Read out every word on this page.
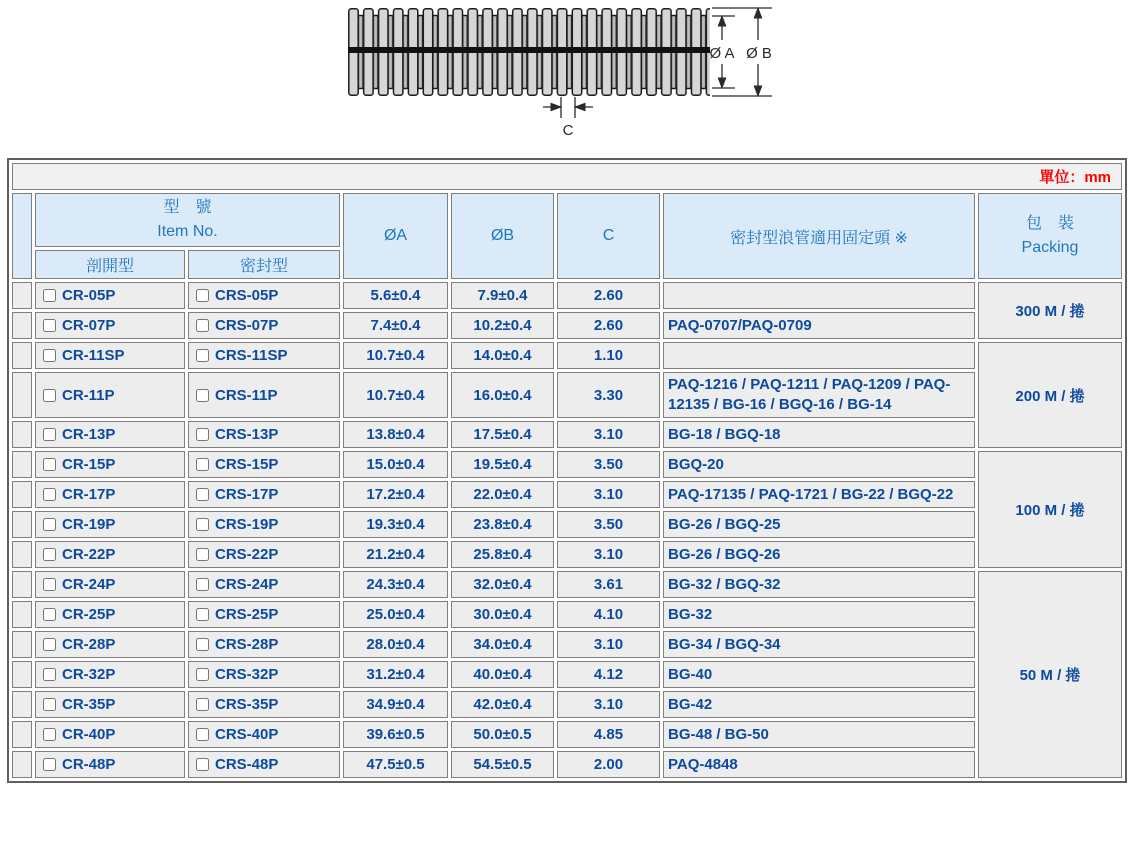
Ø A Ø B
C
單位：mm							

型　號
Item No.	ØA	ØB	C	密封型浪管適用固定頭 ※	
包　裝
Packing

	剖開型	密封型					
	CR-05P	CRS-05P	5.6±0.4	7.9±0.4	2.60		300 M / 捲
	CR-07P	CRS-07P	7.4±0.4	10.2±0.4	2.60	PAQ-0707/PAQ-0709	
	CR-11SP	CRS-11SP	10.7±0.4	14.0±0.4	1.10		200 M / 捲
	CR-11P	CRS-11P	10.7±0.4	16.0±0.4	3.30	PAQ-1216 / PAQ-1211 / PAQ-1209 / PAQ-12135 / BG-16 / BGQ-16 / BG-14	
	CR-13P	CRS-13P	13.8±0.4	17.5±0.4	3.10	BG-18 / BGQ-18	
	CR-15P	CRS-15P	15.0±0.4	19.5±0.4	3.50	BGQ-20	100 M / 捲
	CR-17P	CRS-17P	17.2±0.4	22.0±0.4	3.10	PAQ-17135 / PAQ-1721 / BG-22 / BGQ-22	
	CR-19P	CRS-19P	19.3±0.4	23.8±0.4	3.50	BG-26 / BGQ-25	
	CR-22P	CRS-22P	21.2±0.4	25.8±0.4	3.10	BG-26 / BGQ-26	
	CR-24P	CRS-24P	24.3±0.4	32.0±0.4	3.61	BG-32 / BGQ-32	50 M / 捲
	CR-25P	CRS-25P	25.0±0.4	30.0±0.4	4.10	BG-32	
	CR-28P	CRS-28P	28.0±0.4	34.0±0.4	3.10	BG-34 / BGQ-34	
	CR-32P	CRS-32P	31.2±0.4	40.0±0.4	4.12	BG-40	
	CR-35P	CRS-35P	34.9±0.4	42.0±0.4	3.10	BG-42	
	CR-40P	CRS-40P	39.6±0.5	50.0±0.5	4.85	BG-48 / BG-50	
	CR-48P	CRS-48P	47.5±0.5	54.5±0.5	2.00	PAQ-4848	
